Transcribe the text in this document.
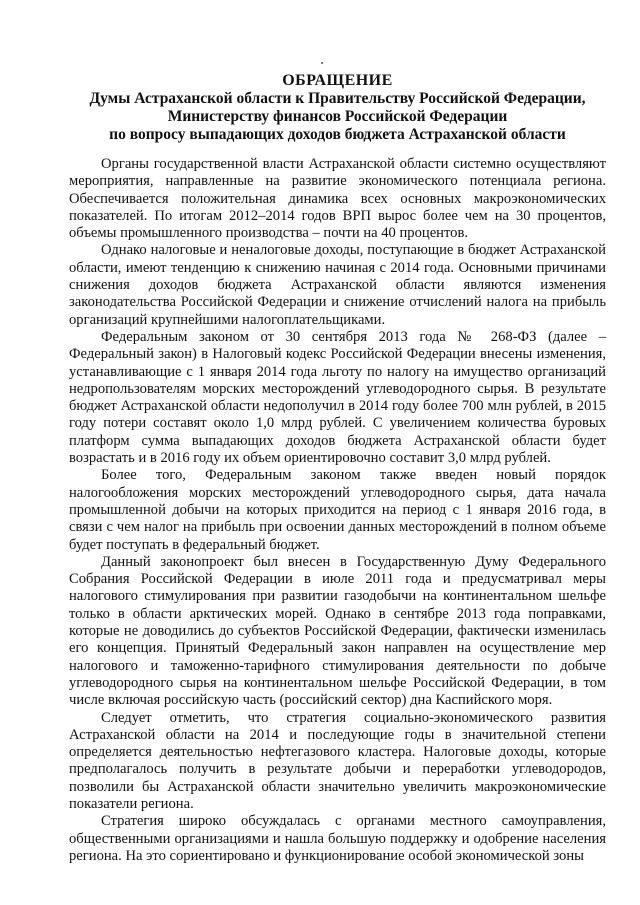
ОБРАЩЕНИЕ
Думы Астраханской области к Правительству Российской Федерации,
Министерству финансов Российской Федерации
по вопросу выпадающих доходов бюджета Астраханской области

Органы государственной власти Астраханской области системно осуществляют мероприятия, направленные на развитие экономического потенциала региона. Обеспечивается положительная динамика всех основных макроэкономических показателей. По итогам 2012–2014 годов ВРП вырос более чем на 30 процентов, объемы промышленного производства – почти на 40 процентов.

Однако налоговые и неналоговые доходы, поступающие в бюджет Астраханской области, имеют тенденцию к снижению начиная с 2014 года. Основными причинами снижения доходов бюджета Астраханской области являются изменения законодательства Российской Федерации и снижение отчислений налога на прибыль организаций крупнейшими налогоплательщиками.

Федеральным законом от 30 сентября 2013 года № 268-ФЗ (далее – Федеральный закон) в Налоговый кодекс Российской Федерации внесены изменения, устанавливающие с 1 января 2014 года льготу по налогу на имущество организаций недропользователям морских месторождений углеводородного сырья. В результате бюджет Астраханской области недополучил в 2014 году более 700 млн рублей, в 2015 году потери составят около 1,0 млрд рублей. С увеличением количества буровых платформ сумма выпадающих доходов бюджета Астраханской области будет возрастать и в 2016 году их объем ориентировочно составит 3,0 млрд рублей.

Более того, Федеральным законом также введен новый порядок налогообложения морских месторождений углеводородного сырья, дата начала промышленной добычи на которых приходится на период с 1 января 2016 года, в связи с чем налог на прибыль при освоении данных месторождений в полном объеме будет поступать в федеральный бюджет.

Данный законопроект был внесен в Государственную Думу Федерального Собрания Российской Федерации в июле 2011 года и предусматривал меры налогового стимулирования при развитии газодобычи на континентальном шельфе только в области арктических морей. Однако в сентябре 2013 года поправками, которые не доводились до субъектов Российской Федерации, фактически изменилась его концепция. Принятый Федеральный закон направлен на осуществление мер налогового и таможенно-тарифного стимулирования деятельности по добыче углеводородного сырья на континентальном шельфе Российской Федерации, в том числе включая российскую часть (российский сектор) дна Каспийского моря.

Следует отметить, что стратегия социально-экономического развития Астраханской области на 2014 и последующие годы в значительной степени определяется деятельностью нефтегазового кластера. Налоговые доходы, которые предполагалось получить в результате добычи и переработки углеводородов, позволили бы Астраханской области значительно увеличить макроэкономические показатели региона.

Стратегия широко обсуждалась с органами местного самоуправления, общественными организациями и нашла большую поддержку и одобрение населения региона. На это сориентировано и функционирование особой экономической зоны
